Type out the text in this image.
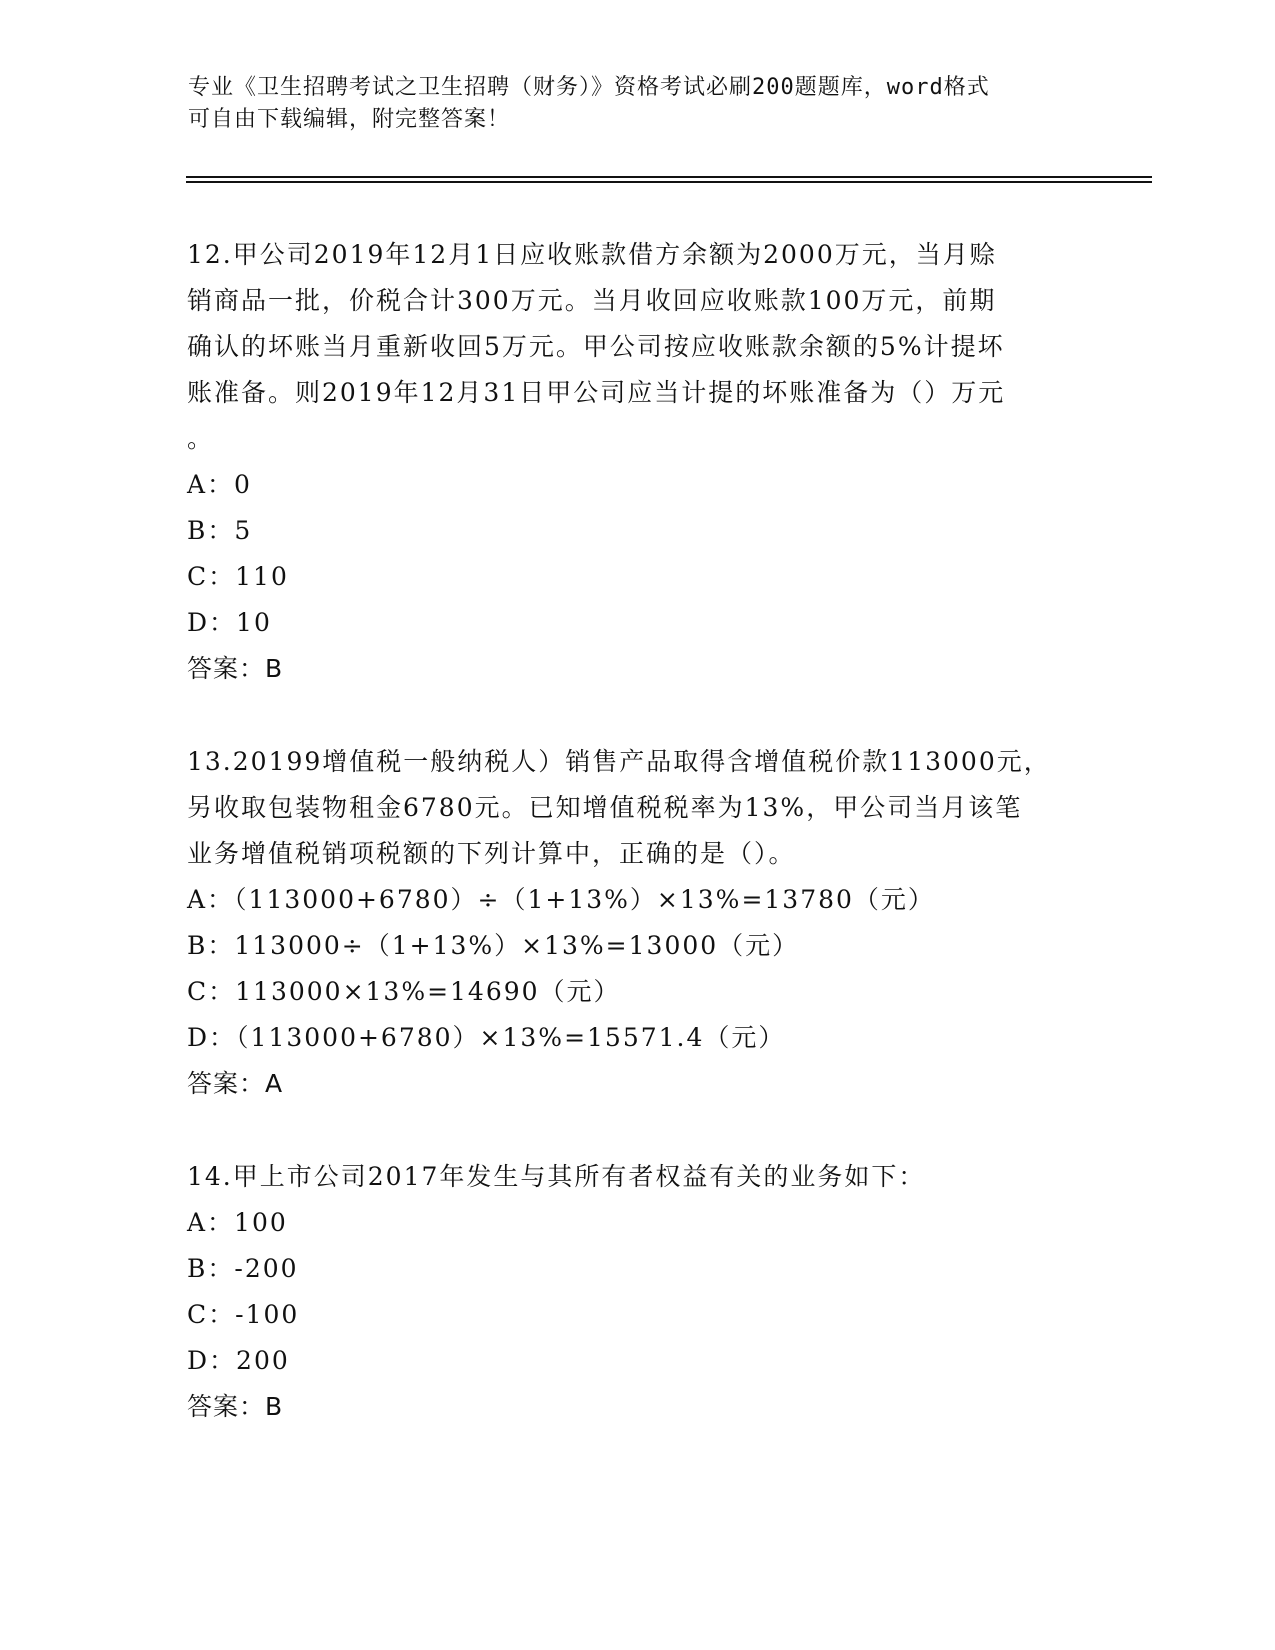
专业《卫生招聘考试之卫生招聘（财务）》资格考试必刷200题题库，word格式
可自由下载编辑，附完整答案！
12.甲公司2019年12月1日应收账款借方余额为2000万元，当月赊
销商品一批，价税合计300万元。当月收回应收账款100万元，前期
确认的坏账当月重新收回5万元。甲公司按应收账款余额的5%计提坏
账准备。则2019年12月31日甲公司应当计提的坏账准备为（）万元
。
A：0
B：5
C：110
D：10
答案：B
13.20199增值税一般纳税人）销售产品取得含增值税价款113000元，
另收取包装物租金6780元。已知增值税税率为13%，甲公司当月该笔
业务增值税销项税额的下列计算中，正确的是（）。
A：（113000+6780）÷（1+13%）×13%=13780（元）
B：113000÷（1+13%）×13%=13000（元）
C：113000×13%=14690（元）
D：（113000+6780）×13%=15571.4（元）
答案：A
14.甲上市公司2017年发生与其所有者权益有关的业务如下：
A：100
B：-200
C：-100
D：200
答案：B
